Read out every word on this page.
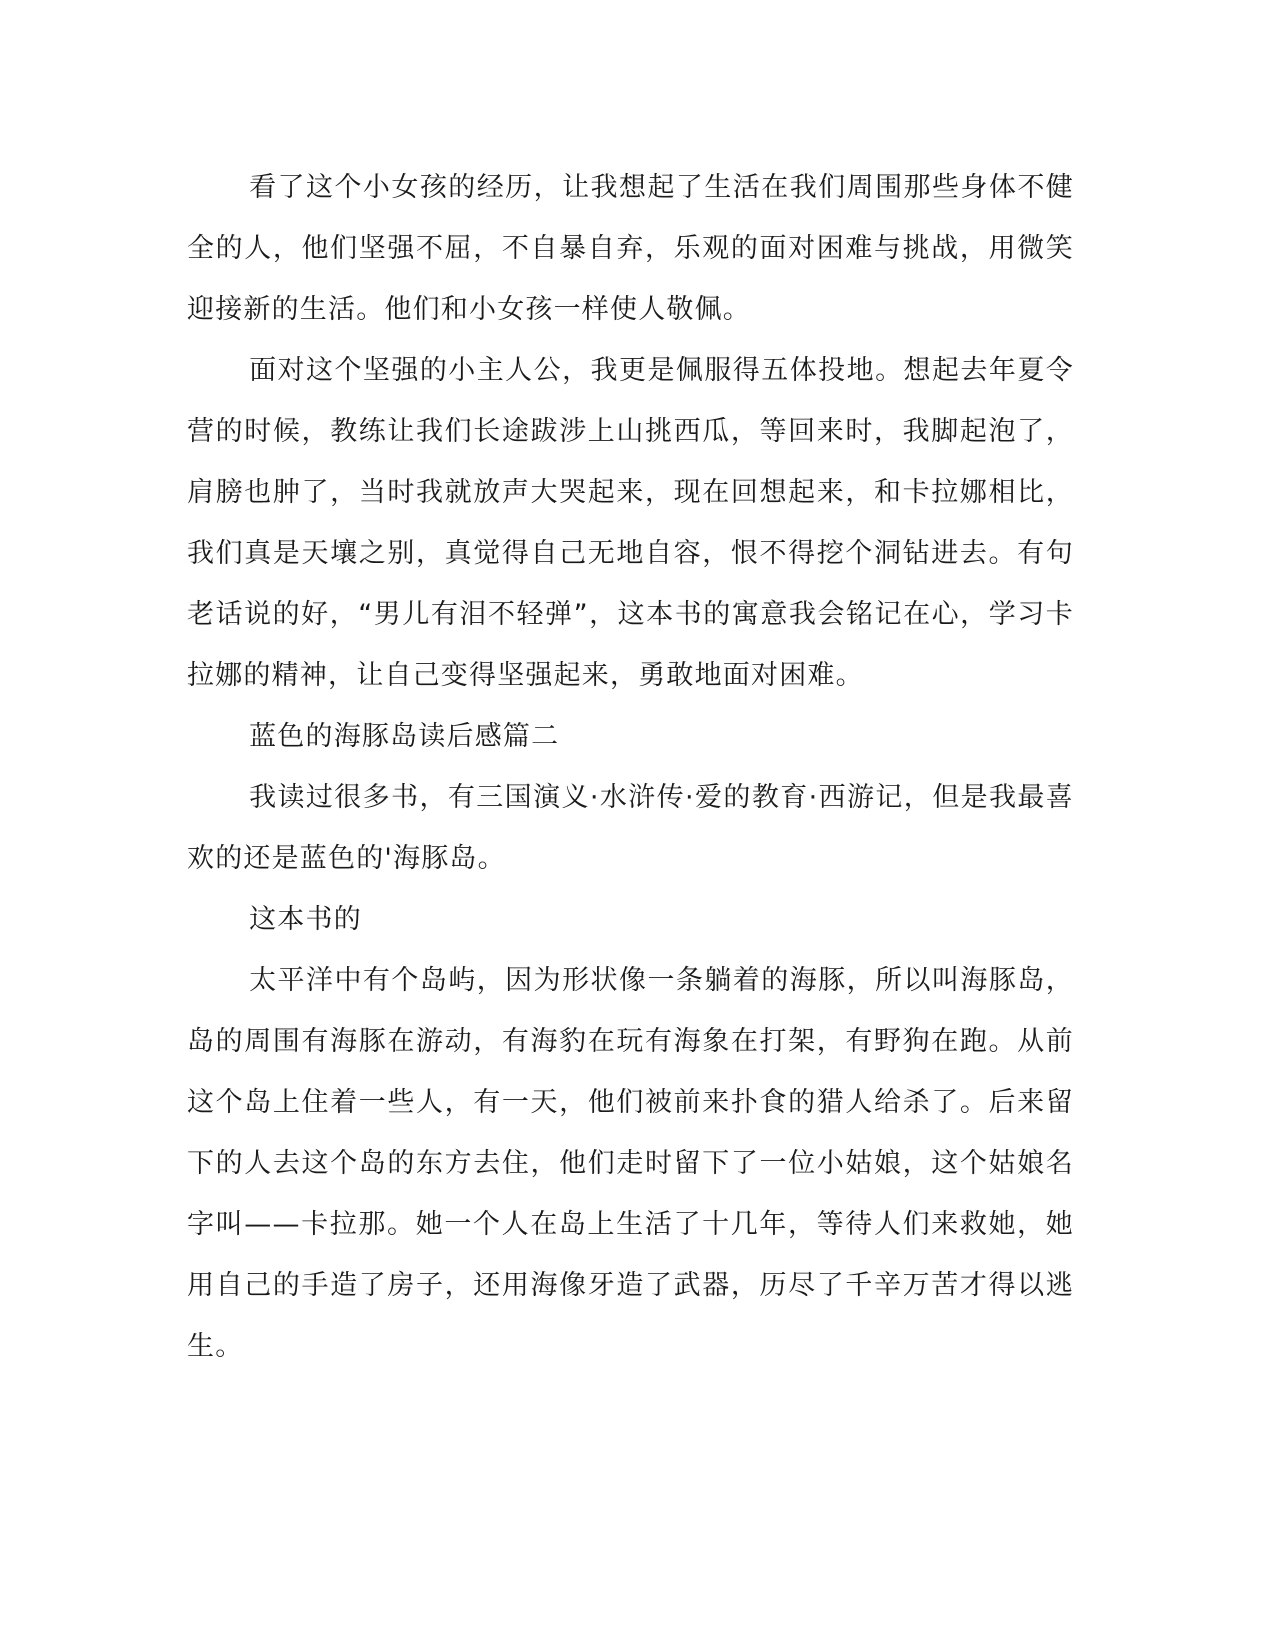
看了这个小女孩的经历，让我想起了生活在我们周围那些身体不健全的人，他们坚强不屈，不自暴自弃，乐观的面对困难与挑战，用微笑迎接新的生活。他们和小女孩一样使人敬佩。

面对这个坚强的小主人公，我更是佩服得五体投地。想起去年夏令营的时候，教练让我们长途跋涉上山挑西瓜，等回来时，我脚起泡了，肩膀也肿了，当时我就放声大哭起来，现在回想起来，和卡拉娜相比，我们真是天壤之别，真觉得自己无地自容，恨不得挖个洞钻进去。有句老话说的好，“男儿有泪不轻弹”，这本书的寓意我会铭记在心，学习卡拉娜的精神，让自己变得坚强起来，勇敢地面对困难。

蓝色的海豚岛读后感篇二

我读过很多书，有三国演义·水浒传·爱的教育·西游记，但是我最喜欢的还是蓝色的'海豚岛。

这本书的

太平洋中有个岛屿，因为形状像一条躺着的海豚，所以叫海豚岛，岛的周围有海豚在游动，有海豹在玩有海象在打架，有野狗在跑。从前这个岛上住着一些人，有一天，他们被前来扑食的猎人给杀了。后来留下的人去这个岛的东方去住，他们走时留下了一位小姑娘，这个姑娘名字叫——卡拉那。她一个人在岛上生活了十几年，等待人们来救她，她用自己的手造了房子，还用海像牙造了武器，历尽了千辛万苦才得以逃生。
